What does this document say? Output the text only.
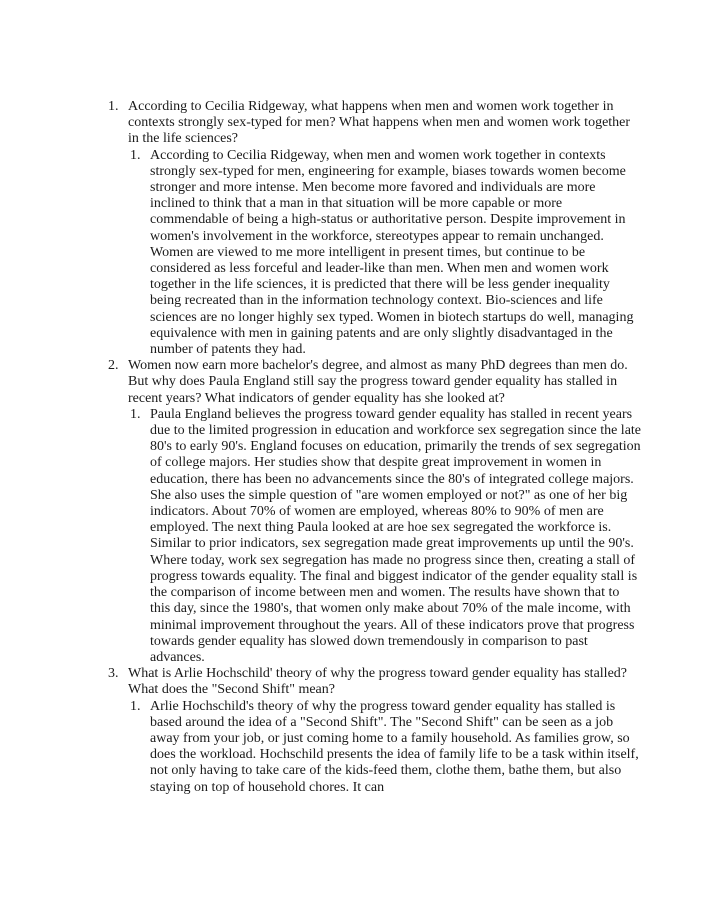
1. According to Cecilia Ridgeway, what happens when men and women work together in contexts strongly sex-typed for men? What happens when men and women work together in the life sciences?
1. According to Cecilia Ridgeway, when men and women work together in contexts strongly sex-typed for men, engineering for example, biases towards women become stronger and more intense. Men become more favored and individuals are more inclined to think that a man in that situation will be more capable or more commendable of being a high-status or authoritative person. Despite improvement in women's involvement in the workforce, stereotypes appear to remain unchanged. Women are viewed to me more intelligent in present times, but continue to be considered as less forceful and leader-like than men. When men and women work together in the life sciences, it is predicted that there will be less gender inequality being recreated than in the information technology context. Bio-sciences and life sciences are no longer highly sex typed. Women in biotech startups do well, managing equivalence with men in gaining patents and are only slightly disadvantaged in the number of patents they had.
2. Women now earn more bachelor's degree, and almost as many PhD degrees than men do. But why does Paula England still say the progress toward gender equality has stalled in recent years? What indicators of gender equality has she looked at?
1. Paula England believes the progress toward gender equality has stalled in recent years due to the limited progression in education and workforce sex segregation since the late 80's to early 90's. England focuses on education, primarily the trends of sex segregation of college majors. Her studies show that despite great improvement in women in education, there has been no advancements since the 80's of integrated college majors. She also uses the simple question of "are women employed or not?" as one of her big indicators. About 70% of women are employed, whereas 80% to 90% of men are employed. The next thing Paula looked at are hoe sex segregated the workforce is. Similar to prior indicators, sex segregation made great improvements up until the 90's. Where today, work sex segregation has made no progress since then, creating a stall of progress towards equality. The final and biggest indicator of the gender equality stall is the comparison of income between men and women. The results have shown that to this day, since the 1980's, that women only make about 70% of the male income, with minimal improvement throughout the years. All of these indicators prove that progress towards gender equality has slowed down tremendously in comparison to past advances.
3. What is Arlie Hochschild' theory of why the progress toward gender equality has stalled? What does the "Second Shift" mean?
1. Arlie Hochschild's theory of why the progress toward gender equality has stalled is based around the idea of a "Second Shift". The "Second Shift" can be seen as a job away from your job, or just coming home to a family household. As families grow, so does the workload. Hochschild presents the idea of family life to be a task within itself, not only having to take care of the kids-feed them, clothe them, bathe them, but also staying on top of household chores. It can
